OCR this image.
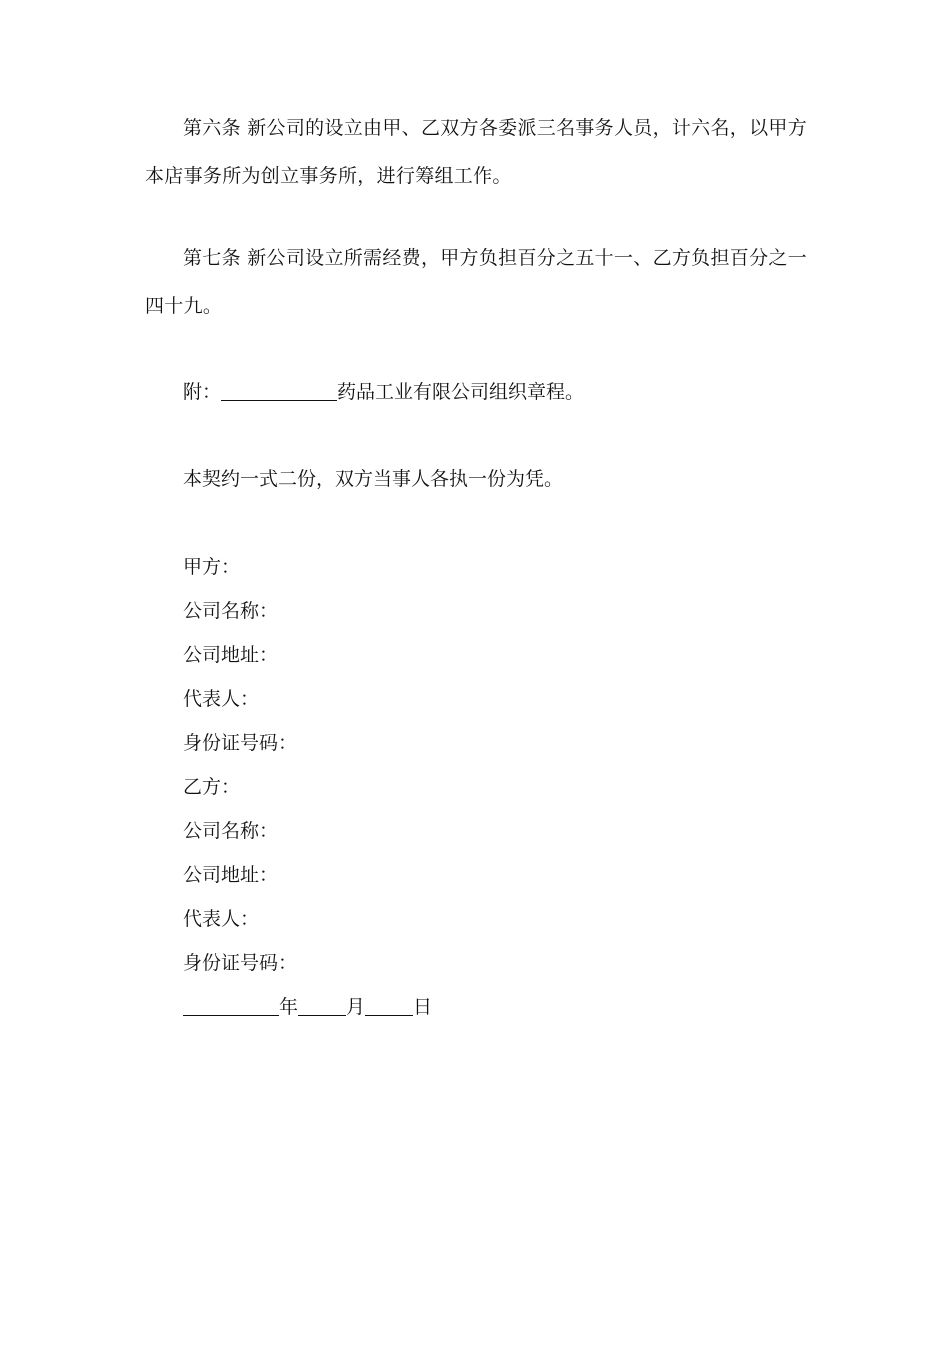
第六条 新公司的设立由甲、乙双方各委派三名事务人员，计六名，以甲方本店事务所为创立事务所，进行筹组工作。

第七条 新公司设立所需经费，甲方负担百分之五十一、乙方负担百分之一四十九。

附：	药品工业有限公司组织章程。

本契约一式二份，双方当事人各执一份为凭。

甲方：

公司名称：

公司地址：

代表人：

身份证号码：

乙方：

公司名称：

公司地址：

代表人：

身份证号码：

年	月	日
